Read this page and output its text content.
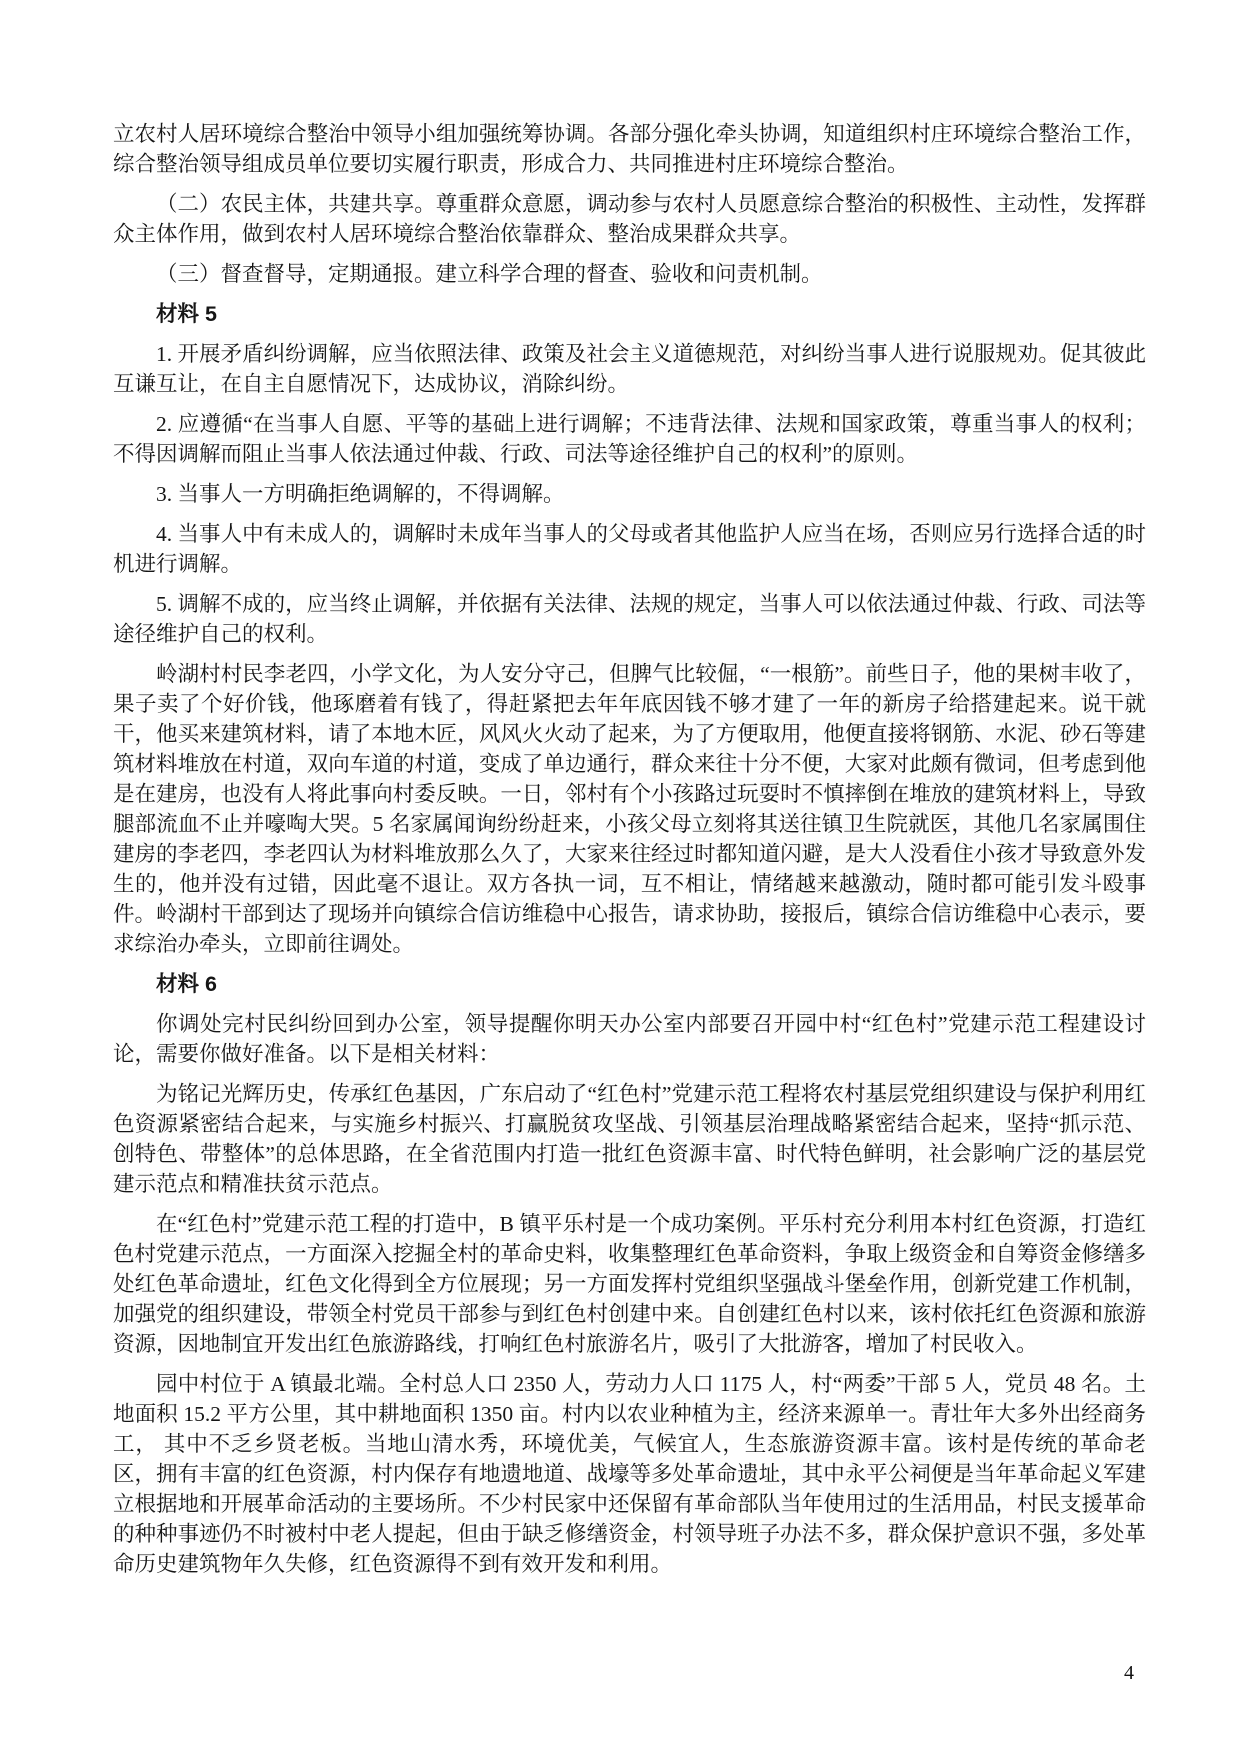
立农村人居环境综合整治中领导小组加强统筹协调。各部分强化牵头协调，知道组织村庄环境综合整治工作，综合整治领导组成员单位要切实履行职责，形成合力、共同推进村庄环境综合整治。

（二）农民主体，共建共享。尊重群众意愿，调动参与农村人员愿意综合整治的积极性、主动性，发挥群众主体作用，做到农村人居环境综合整治依靠群众、整治成果群众共享。

（三）督查督导，定期通报。建立科学合理的督查、验收和问责机制。

材料 5

1. 开展矛盾纠纷调解，应当依照法律、政策及社会主义道德规范，对纠纷当事人进行说服规劝。促其彼此互谦互让，在自主自愿情况下，达成协议，消除纠纷。

2. 应遵循“在当事人自愿、平等的基础上进行调解；不违背法律、法规和国家政策，尊重当事人的权利；不得因调解而阻止当事人依法通过仲裁、行政、司法等途径维护自己的权利”的原则。

3. 当事人一方明确拒绝调解的，不得调解。

4. 当事人中有未成人的，调解时未成年当事人的父母或者其他监护人应当在场，否则应另行选择合适的时机进行调解。

5. 调解不成的，应当终止调解，并依据有关法律、法规的规定，当事人可以依法通过仲裁、行政、司法等途径维护自己的权利。

岭湖村村民李老四，小学文化，为人安分守己，但脾气比较倔，“一根筋”。前些日子，他的果树丰收了，果子卖了个好价钱，他琢磨着有钱了，得赶紧把去年年底因钱不够才建了一年的新房子给搭建起来。说干就干，他买来建筑材料，请了本地木匠，风风火火动了起来，为了方便取用，他便直接将钢筋、水泥、砂石等建筑材料堆放在村道，双向车道的村道，变成了单边通行，群众来往十分不便，大家对此颇有微词，但考虑到他是在建房，也没有人将此事向村委反映。一日，邻村有个小孩路过玩耍时不慎摔倒在堆放的建筑材料上，导致腿部流血不止并嚎啕大哭。5 名家属闻询纷纷赶来，小孩父母立刻将其送往镇卫生院就医，其他几名家属围住建房的李老四，李老四认为材料堆放那么久了，大家来往经过时都知道闪避，是大人没看住小孩才导致意外发生的，他并没有过错，因此毫不退让。双方各执一词，互不相让，情绪越来越激动，随时都可能引发斗殴事件。岭湖村干部到达了现场并向镇综合信访维稳中心报告，请求协助，接报后，镇综合信访维稳中心表示，要求综治办牵头，立即前往调处。

材料 6

你调处完村民纠纷回到办公室，领导提醒你明天办公室内部要召开园中村“红色村”党建示范工程建设讨论，需要你做好准备。以下是相关材料：

为铭记光辉历史，传承红色基因，广东启动了“红色村”党建示范工程将农村基层党组织建设与保护利用红色资源紧密结合起来，与实施乡村振兴、打赢脱贫攻坚战、引领基层治理战略紧密结合起来，坚持“抓示范、创特色、带整体”的总体思路，在全省范围内打造一批红色资源丰富、时代特色鲜明，社会影响广泛的基层党建示范点和精准扶贫示范点。

在“红色村”党建示范工程的打造中，B 镇平乐村是一个成功案例。平乐村充分利用本村红色资源，打造红色村党建示范点，一方面深入挖掘全村的革命史料，收集整理红色革命资料，争取上级资金和自筹资金修缮多处红色革命遗址，红色文化得到全方位展现；另一方面发挥村党组织坚强战斗堡垒作用，创新党建工作机制，加强党的组织建设，带领全村党员干部参与到红色村创建中来。自创建红色村以来，该村依托红色资源和旅游资源，因地制宜开发出红色旅游路线，打响红色村旅游名片，吸引了大批游客，增加了村民收入。

园中村位于 A 镇最北端。全村总人口 2350 人，劳动力人口 1175 人，村“两委”干部 5 人，党员 48 名。土地面积 15.2 平方公里，其中耕地面积 1350 亩。村内以农业种植为主，经济来源单一。青壮年大多外出经商务工， 其中不乏乡贤老板。当地山清水秀，环境优美，气候宜人，生态旅游资源丰富。该村是传统的革命老区，拥有丰富的红色资源，村内保存有地遗地道、战壕等多处革命遗址，其中永平公祠便是当年革命起义军建立根据地和开展革命活动的主要场所。不少村民家中还保留有革命部队当年使用过的生活用品，村民支援革命的种种事迹仍不时被村中老人提起，但由于缺乏修缮资金，村领导班子办法不多，群众保护意识不强，多处革命历史建筑物年久失修，红色资源得不到有效开发和利用。

4
